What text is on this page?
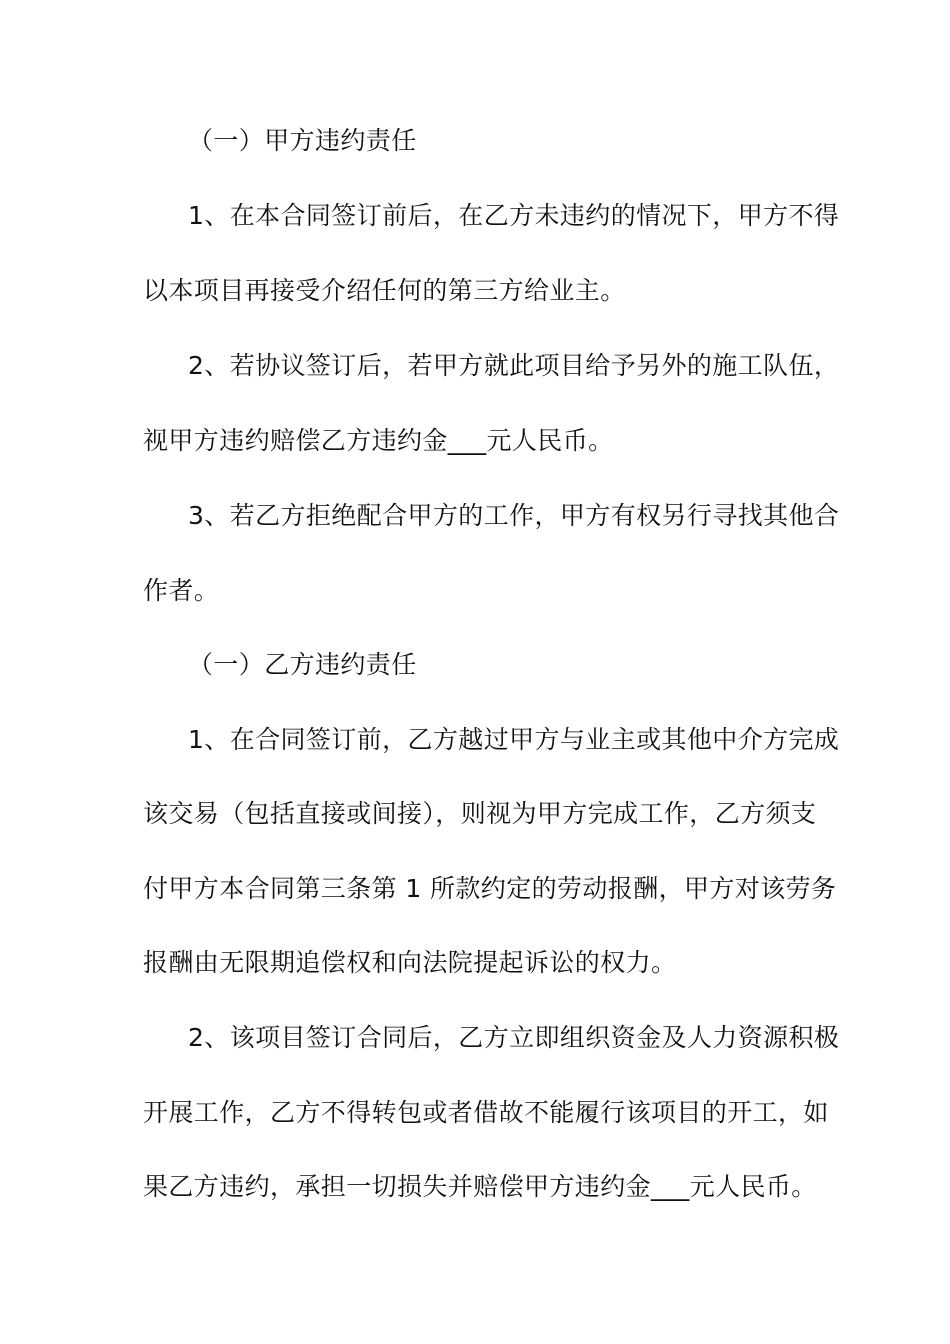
（一）甲方违约责任
1、在本合同签订前后，在乙方未违约的情况下，甲方不得
以本项目再接受介绍任何的第三方给业主。
2、若协议签订后，若甲方就此项目给予另外的施工队伍，
视甲方违约赔偿乙方违约金___元人民币。
3、若乙方拒绝配合甲方的工作，甲方有权另行寻找其他合
作者。
（一）乙方违约责任
1、在合同签订前，乙方越过甲方与业主或其他中介方完成
该交易（包括直接或间接），则视为甲方完成工作，乙方须支
付甲方本合同第三条第 1 所款约定的劳动报酬，甲方对该劳务
报酬由无限期追偿权和向法院提起诉讼的权力。
2、该项目签订合同后，乙方立即组织资金及人力资源积极
开展工作，乙方不得转包或者借故不能履行该项目的开工，如
果乙方违约，承担一切损失并赔偿甲方违约金___元人民币。
